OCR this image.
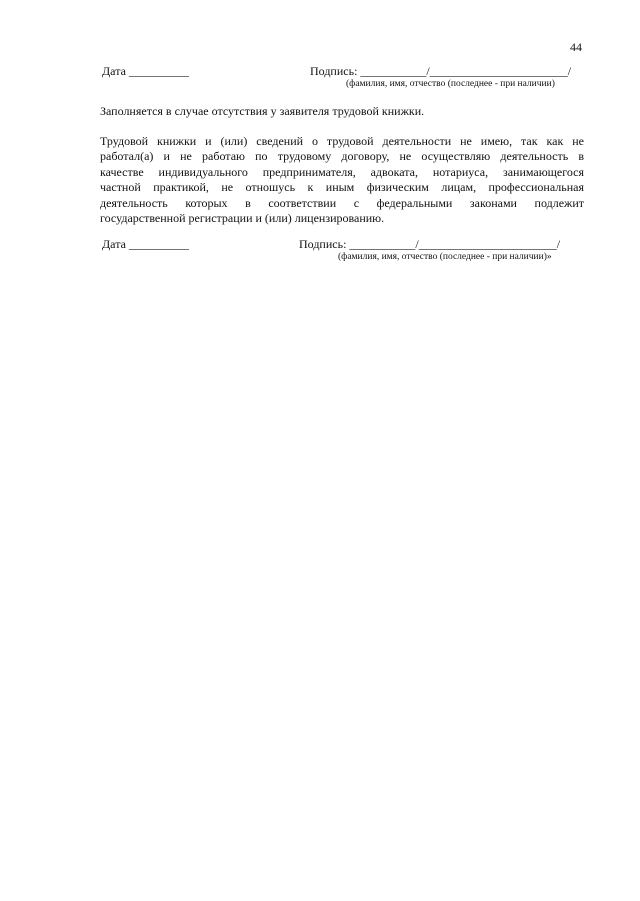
44
Дата __________	Подпись: ___________/_______________________/
(фамилия, имя, отчество (последнее - при наличии)
Заполняется в случае отсутствия у заявителя трудовой книжки.
Трудовой книжки и (или) сведений о трудовой деятельности не имею, так как не
работал(а) и не работаю по трудовому договору, не осуществляю деятельность в
качестве индивидуального предпринимателя, адвоката, нотариуса, занимающегося
частной практикой, не отношусь к иным физическим лицам, профессиональная
деятельность которых в соответствии с федеральными законами подлежит
государственной регистрации и (или) лицензированию.
Дата __________	Подпись: ___________/_______________________/
(фамилия, имя, отчество (последнее - при наличии)»
